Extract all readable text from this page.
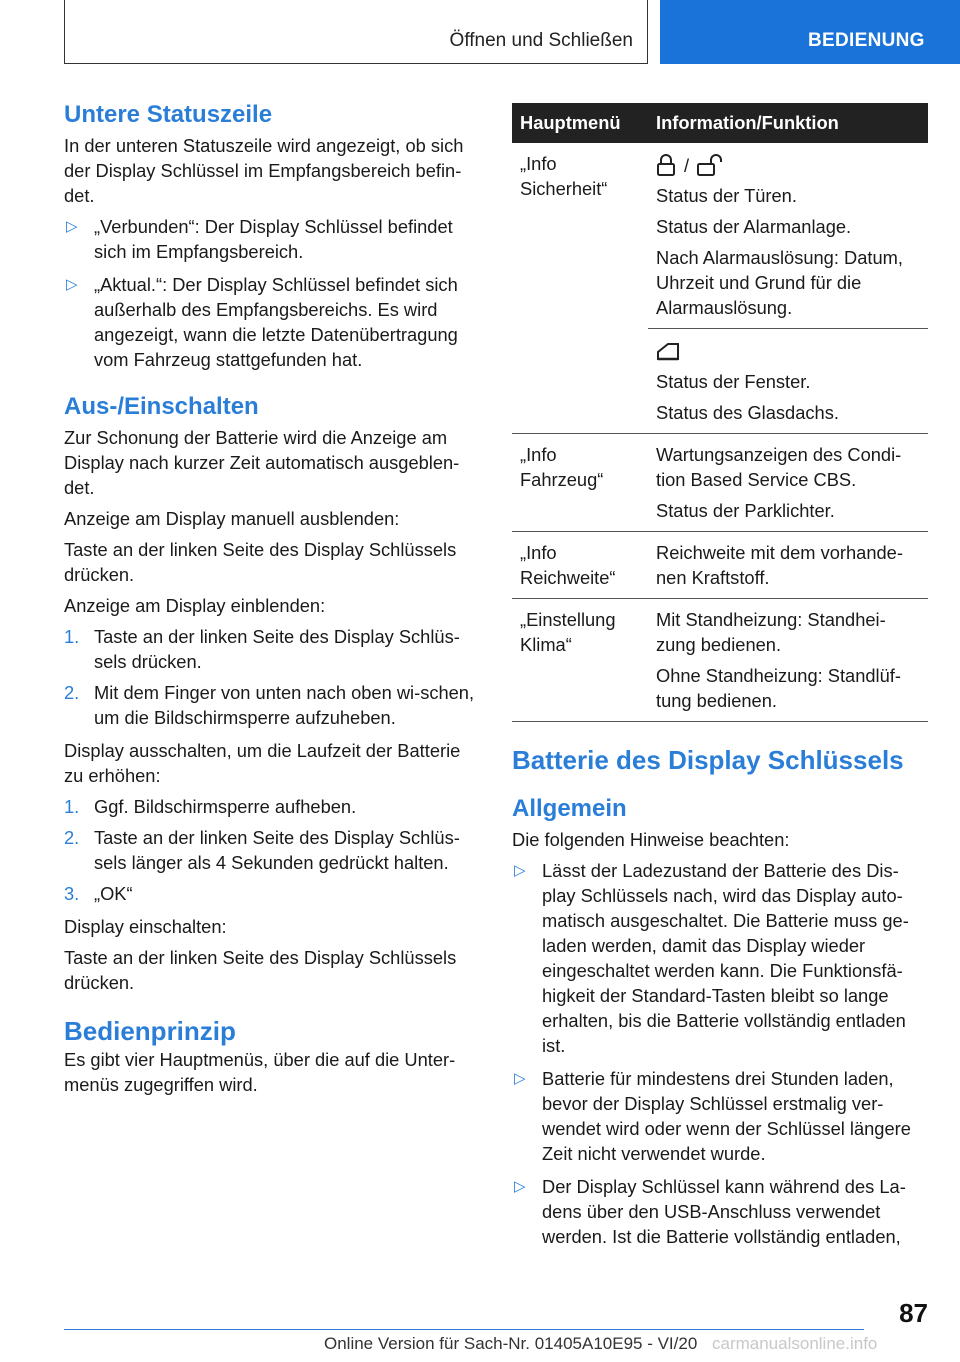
Öffnen und Schließen	BEDIENUNG
Untere Statuszeile

In der unteren Statuszeile wird angezeigt, ob sich der Display Schlüssel im Empfangsbereich befin-det.

▷ „Verbunden“: Der Display Schlüssel befindet sich im Empfangsbereich.
▷ „Aktual.“: Der Display Schlüssel befindet sich außerhalb des Empfangsbereichs. Es wird angezeigt, wann die letzte Datenübertragung vom Fahrzeug stattgefunden hat.
Aus-/Einschalten

Zur Schonung der Batterie wird die Anzeige am Display nach kurzer Zeit automatisch ausgeblen-det.

Anzeige am Display manuell ausblenden:

Taste an der linken Seite des Display Schlüssels drücken.

Anzeige am Display einblenden:

1. Taste an der linken Seite des Display Schlüs-sels drücken.
2. Mit dem Finger von unten nach oben wi-schen, um die Bildschirmsperre aufzuheben.

Display ausschalten, um die Laufzeit der Batterie zu erhöhen:

1. Ggf. Bildschirmsperre aufheben.
2. Taste an der linken Seite des Display Schlüs-sels länger als 4 Sekunden gedrückt halten.
3. „OK“

Display einschalten:

Taste an der linken Seite des Display Schlüssels drücken.

Bedienprinzip

Es gibt vier Hauptmenüs, über die auf die Unter-menüs zugegriffen wird.

Hauptmenü	Information/Funktion
„Info Sicherheit“	/
Status der Türen.
Status der Alarmanlage.
Nach Alarmauslösung: Datum, Uhrzeit und Grund für die Alarmauslösung.

	Status der Fenster.
Status des Glasdachs.

„Info Fahrzeug“	Wartungsanzeigen des Condi-tion Based Service CBS.
Status der Parklichter.

„Info Reichweite“	Reichweite mit dem vorhande-nen Kraftstoff.

„Einstellung Klima“	Mit Standheizung: Standhei-zung bedienen.
Ohne Standheizung: Standlüf-tung bedienen.
Batterie des Display Schlüssels
Allgemein

Die folgenden Hinweise beachten:

▷ Lässt der Ladezustand der Batterie des Dis-play Schlüssels nach, wird das Display auto-matisch ausgeschaltet. Die Batterie muss ge-laden werden, damit das Display wieder eingeschaltet werden kann. Die Funktionsfä-higkeit der Standard-Tasten bleibt so lange erhalten, bis die Batterie vollständig entladen ist.
▷ Batterie für mindestens drei Stunden laden, bevor der Display Schlüssel erstmalig ver-wendet wird oder wenn der Schlüssel längere Zeit nicht verwendet wurde.
▷ Der Display Schlüssel kann während des La-dens über den USB-Anschluss verwendet werden. Ist die Batterie vollständig entladen,
87
Online Version für Sach-Nr. 01405A10E95 - VI/20 carmanualsonline.info
